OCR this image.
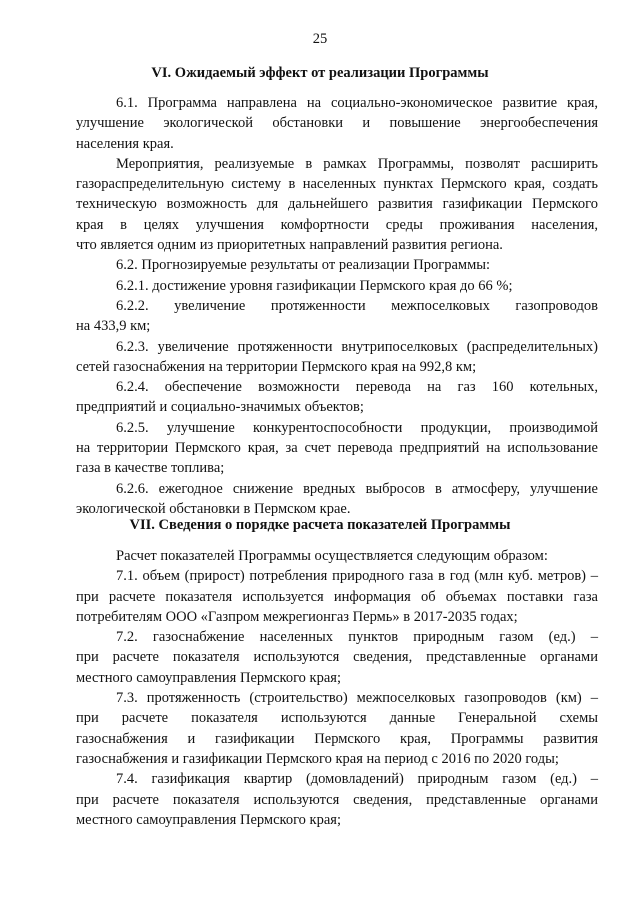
25
VI. Ожидаемый эффект от реализации Программы
6.1. Программа направлена на социально-экономическое развитие края,
улучшение экологической обстановки и повышение энергообеспечения
населения края.
Мероприятия, реализуемые в рамках Программы, позволят расширить
газораспределительную систему в населенных пунктах Пермского края, создать
техническую возможность для дальнейшего развития газификации Пермского
края в целях улучшения комфортности среды проживания населения,
что является одним из приоритетных направлений развития региона.
6.2. Прогнозируемые результаты от реализации Программы:
6.2.1. достижение уровня газификации Пермского края до 66 %;
6.2.2. увеличение протяженности межпоселковых газопроводов
на 433,9 км;
6.2.3. увеличение протяженности внутрипоселковых (распределительных)
сетей газоснабжения на территории Пермского края на 992,8 км;
6.2.4. обеспечение возможности перевода на газ 160 котельных,
предприятий и социально-значимых объектов;
6.2.5. улучшение конкурентоспособности продукции, производимой
на территории Пермского края, за счет перевода предприятий на использование
газа в качестве топлива;
6.2.6. ежегодное снижение вредных выбросов в атмосферу, улучшение
экологической обстановки в Пермском крае.
VII. Сведения о порядке расчета показателей Программы
Расчет показателей Программы осуществляется следующим образом:
7.1. объем (прирост) потребления природного газа в год (млн куб. метров) –
при расчете показателя используется информация об объемах поставки газа
потребителям ООО «Газпром межрегионгаз Пермь» в 2017-2035 годах;
7.2. газоснабжение населенных пунктов природным газом (ед.) –
при расчете показателя используются сведения, представленные органами
местного самоуправления Пермского края;
7.3. протяженность (строительство) межпоселковых газопроводов (км) –
при расчете показателя используются данные Генеральной схемы
газоснабжения и газификации Пермского края, Программы развития
газоснабжения и газификации Пермского края на период с 2016 по 2020 годы;
7.4. газификация квартир (домовладений) природным газом (ед.) –
при расчете показателя используются сведения, представленные органами
местного самоуправления Пермского края;
